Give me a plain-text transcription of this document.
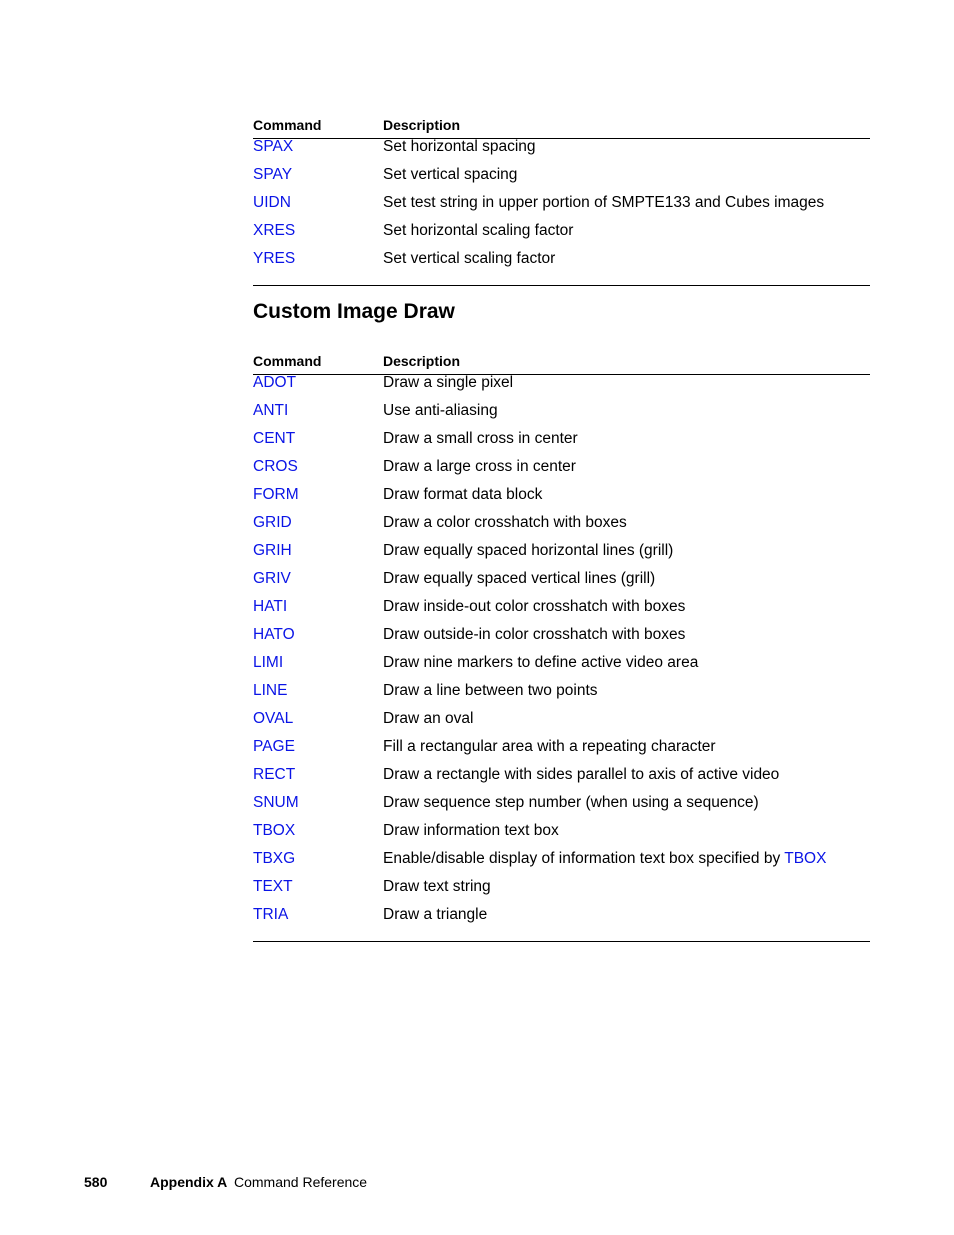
Command	Description
SPAX	Set horizontal spacing
SPAY	Set vertical spacing
UIDN	Set test string in upper portion of SMPTE133 and Cubes images
XRES	Set horizontal scaling factor
YRES	Set vertical scaling factor
Custom Image Draw
Command	Description
ADOT	Draw a single pixel
ANTI	Use anti-aliasing
CENT	Draw a small cross in center
CROS	Draw a large cross in center
FORM	Draw format data block
GRID	Draw a color crosshatch with boxes
GRIH	Draw equally spaced horizontal lines (grill)
GRIV	Draw equally spaced vertical lines (grill)
HATI	Draw inside-out color crosshatch with boxes
HATO	Draw outside-in color crosshatch with boxes
LIMI	Draw nine markers to define active video area
LINE	Draw a line between two points
OVAL	Draw an oval
PAGE	Fill a rectangular area with a repeating character
RECT	Draw a rectangle with sides parallel to axis of active video
SNUM	Draw sequence step number (when using a sequence)
TBOX	Draw information text box
TBXG	Enable/disable display of information text box specified by TBOX
TEXT	Draw text string
TRIA	Draw a triangle
580	Appendix A Command Reference
